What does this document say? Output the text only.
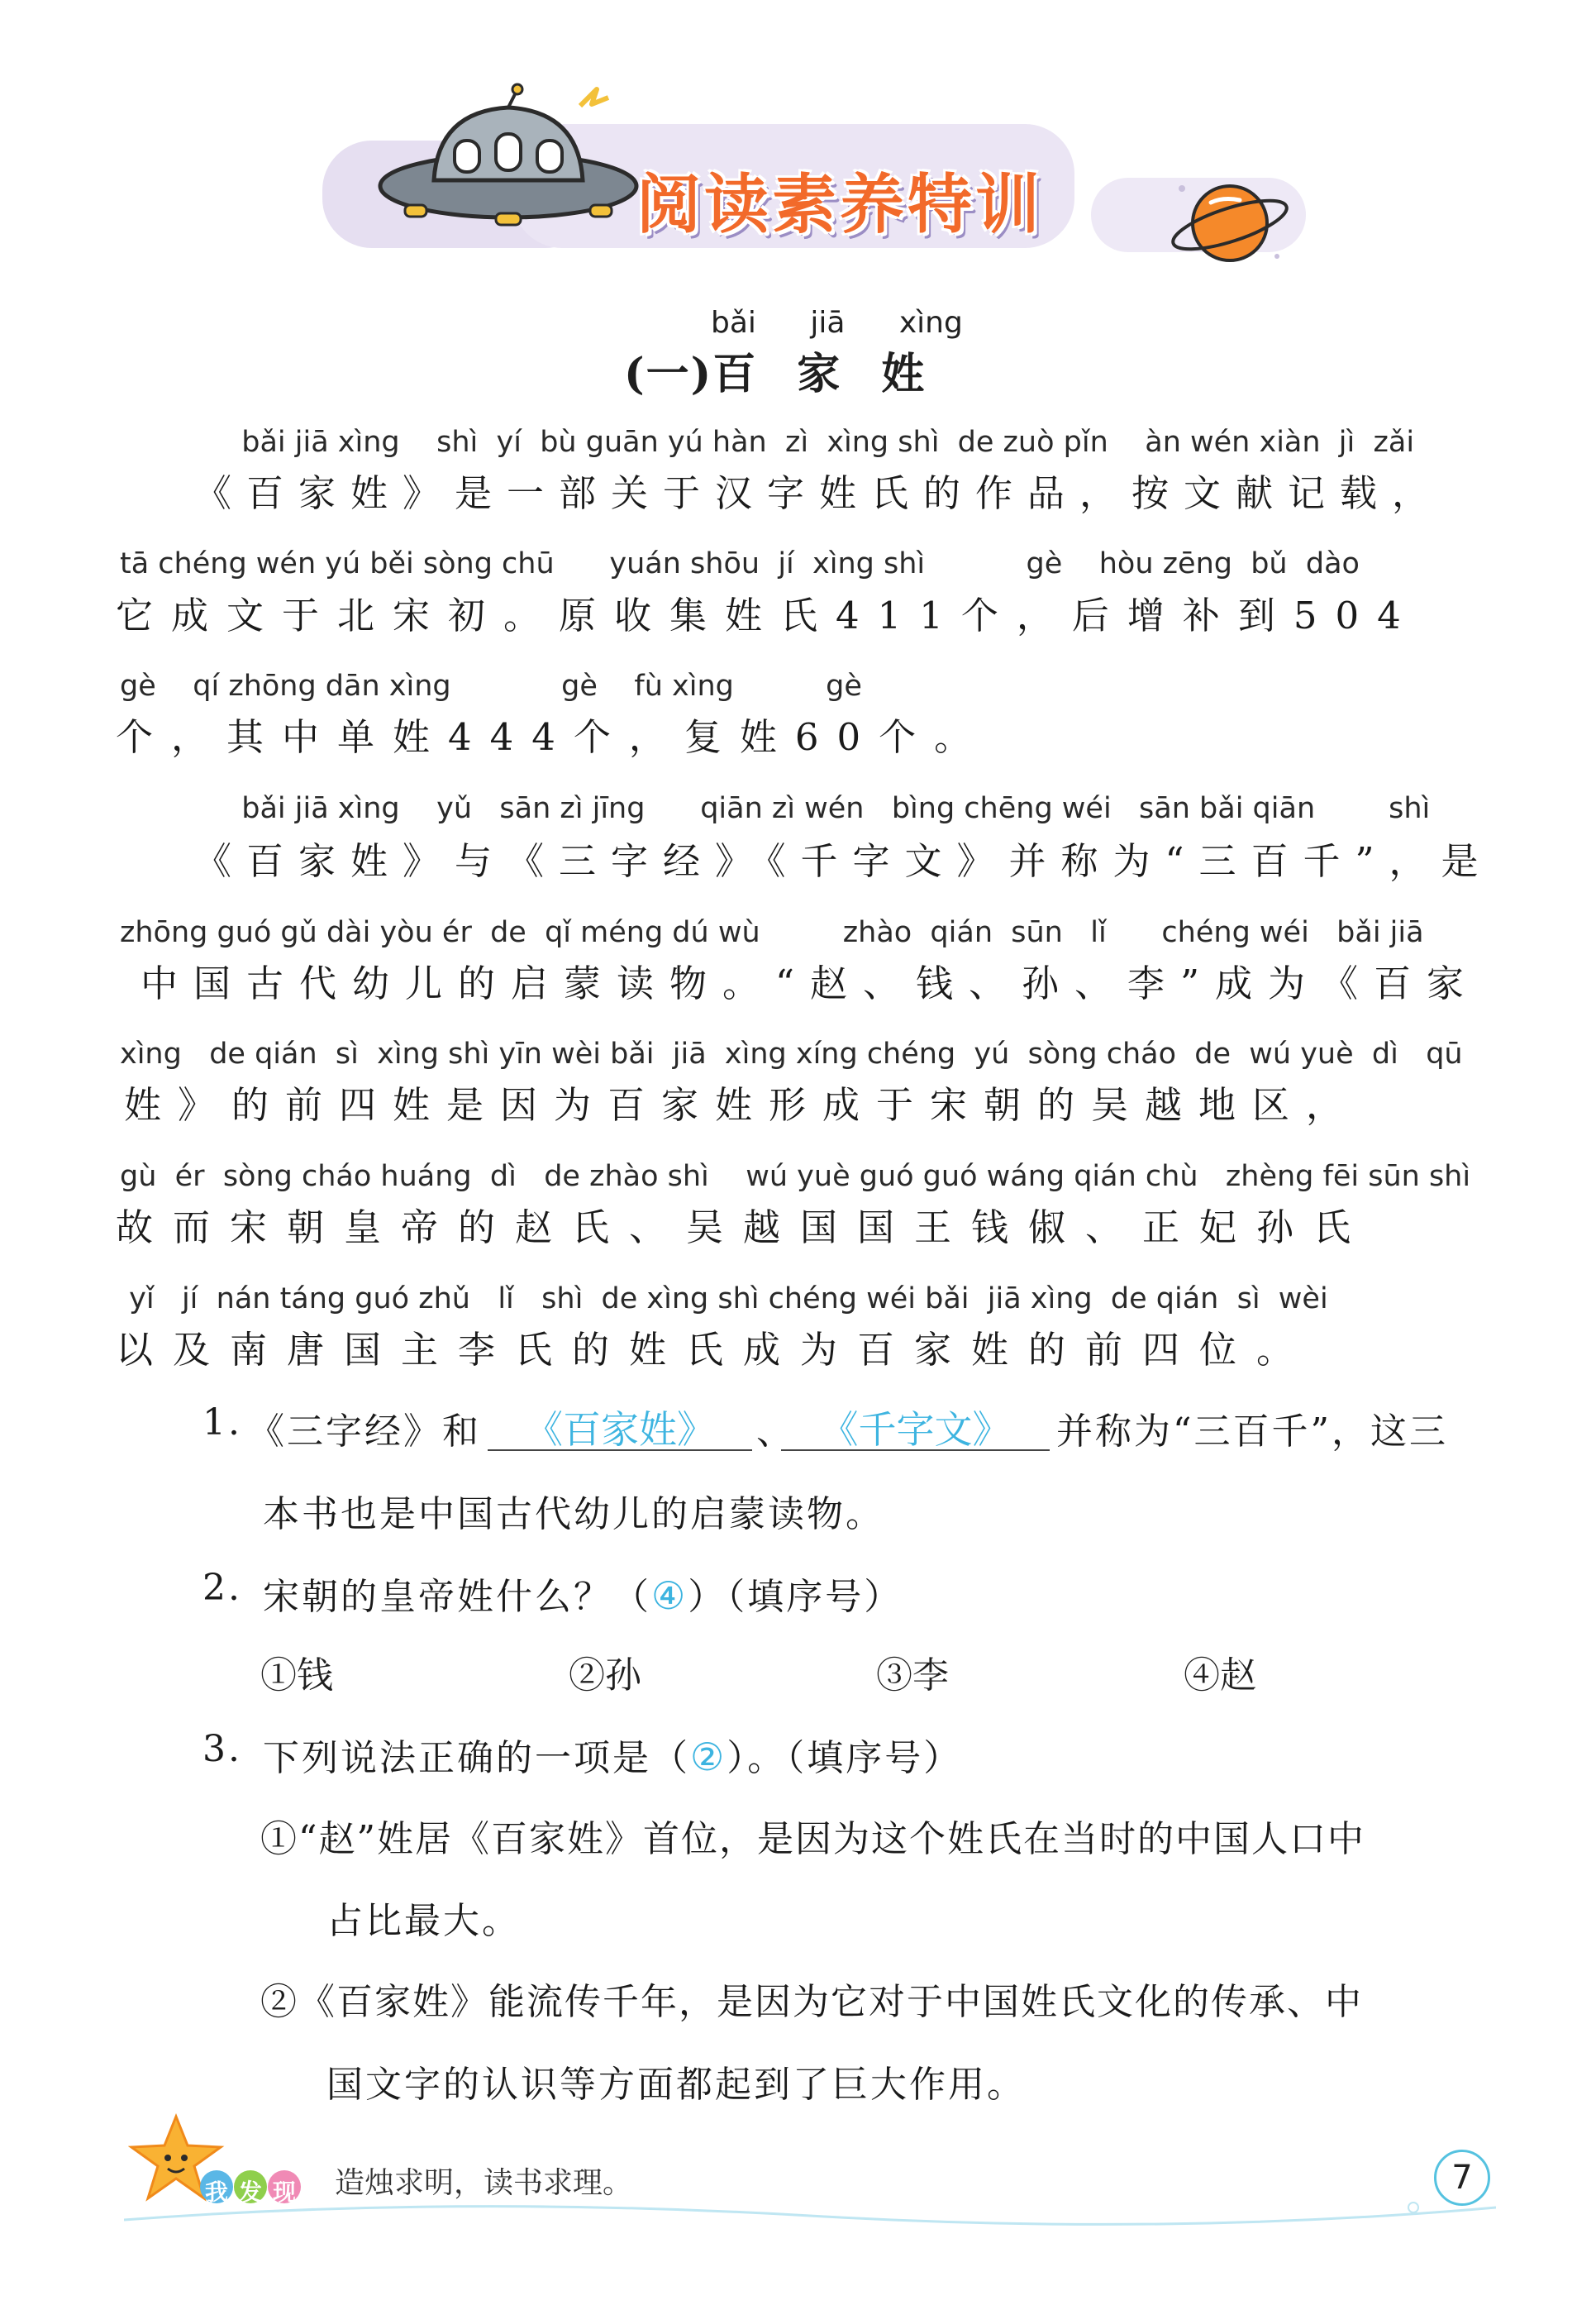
阅读素养特训
bǎi jiā xìng
(一)百家姓
bǎi jiā xìng    shì  yí  bù guān yú hàn  zì  xìng shì  de zuò pǐn    àn wén xiàn  jì  zǎi
《百家姓》是一部关于汉字姓氏的作品，按文献记载，
tā chéng wén yú běi sòng chū      yuán shōu  jí  xìng shì           gè    hòu zēng  bǔ  dào
它成文于北宋初。原收集姓氏411个，后增补到504
gè    qí zhōng dān xìng            gè    fù xìng          gè
个，其中单姓444个，复姓60个。
bǎi jiā xìng    yǔ   sān zì jīng      qiān zì wén   bìng chēng wéi   sān bǎi qiān        shì
《百家姓》与《三字经》《千字文》并称为“三百千”，是
zhōng guó gǔ dài yòu ér  de  qǐ méng dú wù         zhào  qián  sūn   lǐ      chéng wéi   bǎi jiā
中国古代幼儿的启蒙读物。“赵、钱、孙、李”成为《百家
xìng   de qián  sì  xìng shì yīn wèi bǎi  jiā  xìng xíng chéng  yú  sòng cháo  de  wú yuè  dì   qū
姓》的前四姓是因为百家姓形成于宋朝的吴越地区，
gù  ér  sòng cháo huáng  dì   de zhào shì    wú yuè guó guó wáng qián chù   zhèng fēi sūn shì
故而宋朝皇帝的赵氏、吴越国国王钱俶、正妃孙氏
yǐ   jí  nán táng guó zhǔ   lǐ   shì  de xìng shì chéng wéi bǎi  jiā xìng  de qián  sì  wèi
以及南唐国主李氏的姓氏成为百家姓的前四位。
1. 《三字经》和	《百家姓》	、 《千字文》	并称为“三百千”，这三
本书也是中国古代幼儿的启蒙读物。
2. 宋朝的皇帝姓什么？（④）（填序号）
①钱	②孙	③李	④赵
3. 下列说法正确的一项是（②）。（填序号）
①“赵”姓居《百家姓》首位，是因为这个姓氏在当时的中国人口中
占比最大。
②《百家姓》能流传千年，是因为它对于中国姓氏文化的传承、中
国文字的认识等方面都起到了巨大作用。
我发现 造烛求明，读书求理。	7
